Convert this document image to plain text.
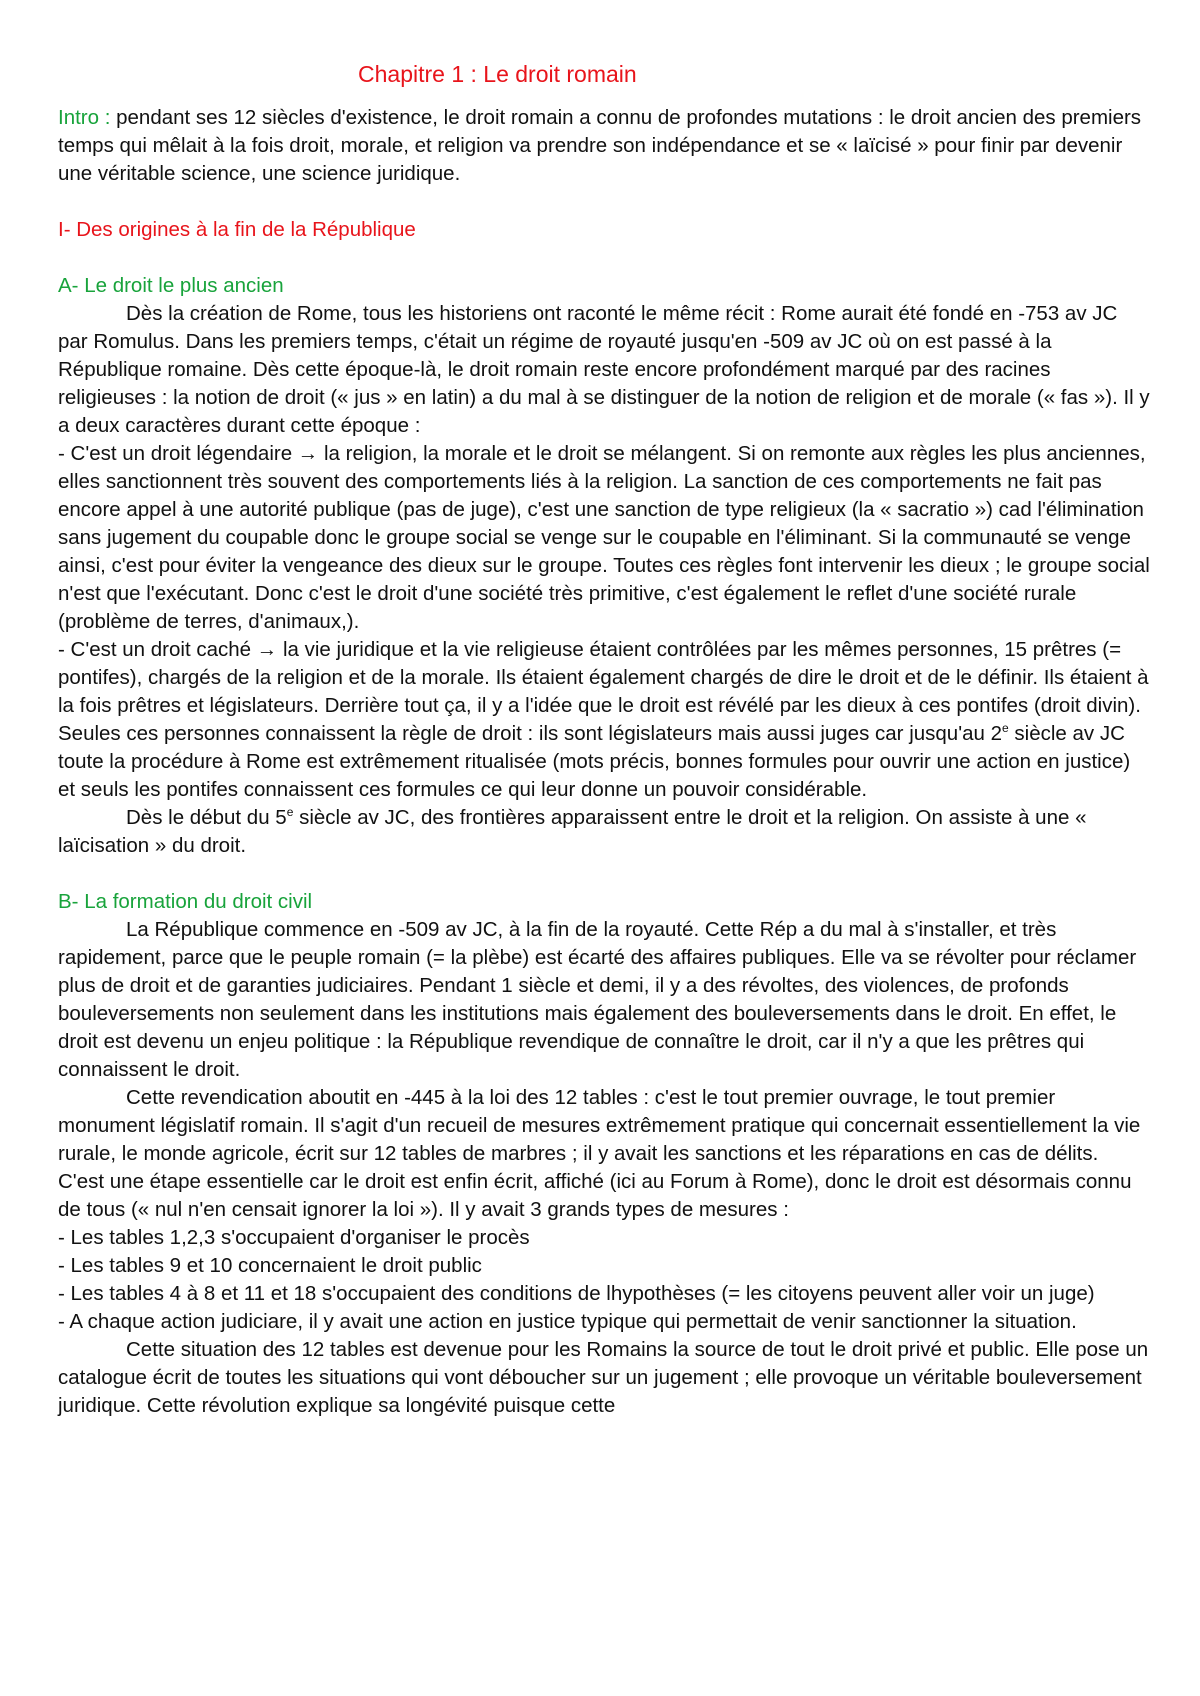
Chapitre 1 : Le droit romain

Intro : pendant ses 12 siècles d'existence, le droit romain a connu de profondes mutations : le droit ancien des premiers temps qui mêlait à la fois droit, morale, et religion va prendre son indépendance et se « laïcisé » pour finir par devenir une véritable science, une science juridique.

I- Des origines à la fin de la République
A- Le droit le plus ancien

Dès la création de Rome, tous les historiens ont raconté le même récit : Rome aurait été fondé en -753 av JC par Romulus. Dans les premiers temps, c'était un régime de royauté jusqu'en -509 av JC où on est passé à la République romaine. Dès cette époque-là, le droit romain reste encore profondément marqué par des racines religieuses : la notion de droit (« jus » en latin) a du mal à se distinguer de la notion de religion et de morale (« fas »). Il y a deux caractères durant cette époque :

- C'est un droit légendaire → la religion, la morale et le droit se mélangent. Si on remonte aux règles les plus anciennes, elles sanctionnent très souvent des comportements liés à la religion. La sanction de ces comportements ne fait pas encore appel à une autorité publique (pas de juge), c'est une sanction de type religieux (la « sacratio ») cad l'élimination sans jugement du coupable donc le groupe social se venge sur le coupable en l'éliminant. Si la communauté se venge ainsi, c'est pour éviter la vengeance des dieux sur le groupe. Toutes ces règles font intervenir les dieux ; le groupe social n'est que l'exécutant. Donc c'est le droit d'une société très primitive, c'est également le reflet d'une société rurale (problème de terres, d'animaux,).

- C'est un droit caché → la vie juridique et la vie religieuse étaient contrôlées par les mêmes personnes, 15 prêtres (= pontifes), chargés de la religion et de la morale. Ils étaient également chargés de dire le droit et de le définir. Ils étaient à la fois prêtres et législateurs. Derrière tout ça, il y a l'idée que le droit est révélé par les dieux à ces pontifes (droit divin). Seules ces personnes connaissent la règle de droit : ils sont législateurs mais aussi juges car jusqu'au 2e siècle av JC toute la procédure à Rome est extrêmement ritualisée (mots précis, bonnes formules pour ouvrir une action en justice) et seuls les pontifes connaissent ces formules ce qui leur donne un pouvoir considérable.

Dès le début du 5e siècle av JC, des frontières apparaissent entre le droit et la religion. On assiste à une « laïcisation » du droit.

B- La formation du droit civil

La République commence en -509 av JC, à la fin de la royauté. Cette Rép a du mal à s'installer, et très rapidement, parce que le peuple romain (= la plèbe) est écarté des affaires publiques. Elle va se révolter pour réclamer plus de droit et de garanties judiciaires. Pendant 1 siècle et demi, il y a des révoltes, des violences, de profonds bouleversements non seulement dans les institutions mais également des bouleversements dans le droit. En effet, le droit est devenu un enjeu politique : la République revendique de connaître le droit, car il n'y a que les prêtres qui connaissent le droit.

Cette revendication aboutit en -445 à la loi des 12 tables : c'est le tout premier ouvrage, le tout premier monument législatif romain. Il s'agit d'un recueil de mesures extrêmement pratique qui concernait essentiellement la vie rurale, le monde agricole, écrit sur 12 tables de marbres ; il y avait les sanctions et les réparations en cas de délits. C'est une étape essentielle car le droit est enfin écrit, affiché (ici au Forum à Rome), donc le droit est désormais connu de tous (« nul n'en censait ignorer la loi »). Il y avait 3 grands types de mesures :

- Les tables 1,2,3 s'occupaient d'organiser le procès

- Les tables 9 et 10 concernaient le droit public

- Les tables 4 à 8 et 11 et 18 s'occupaient des conditions de lhypothèses (= les citoyens peuvent aller voir un juge)

- A chaque action judiciare, il y avait une action en justice typique qui permettait de venir sanctionner la situation.

Cette situation des 12 tables est devenue pour les Romains la source de tout le droit privé et public. Elle pose un catalogue écrit de toutes les situations qui vont déboucher sur un jugement ; elle provoque un véritable bouleversement juridique. Cette révolution explique sa longévité puisque cette
